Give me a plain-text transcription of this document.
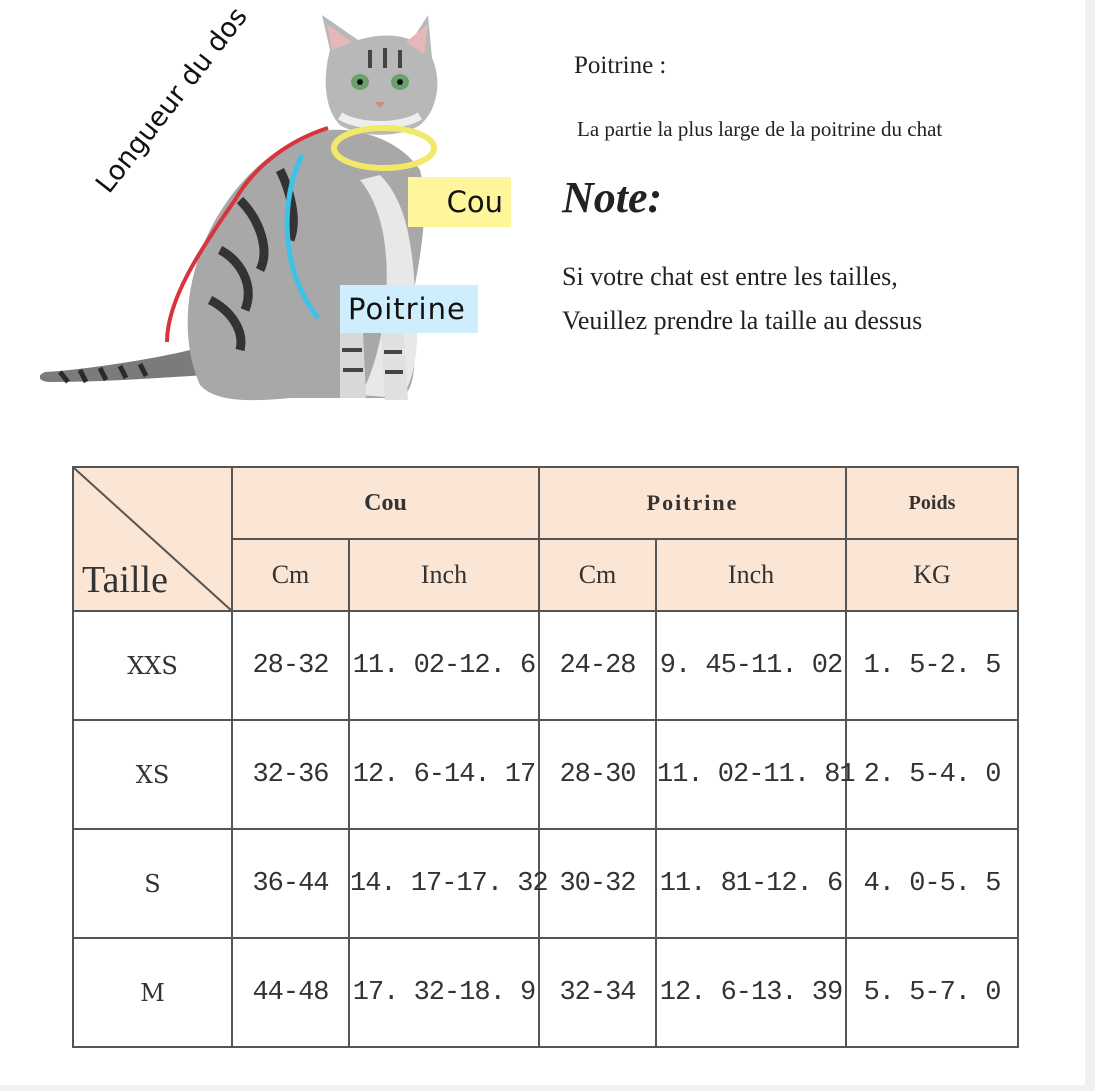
Longueur du dos
Cou
Poitrine
Poitrine :
La partie la plus large de la poitrine du chat
Note:
Si votre chat est entre les tailles,
Veuillez prendre la taille au dessus
Taille	Cou		Poitrine		Poids
	Cm	Inch	Cm	Inch	KG
XXS	28-32	11. 02-12. 6	24-28	9. 45-11. 02	1. 5-2. 5
XS	32-36	12. 6-14. 17	28-30	11. 02-11. 81	2. 5-4. 0
S	36-44	14. 17-17. 32	30-32	11. 81-12. 6	4. 0-5. 5
M	44-48	17. 32-18. 9	32-34	12. 6-13. 39	5. 5-7. 0
